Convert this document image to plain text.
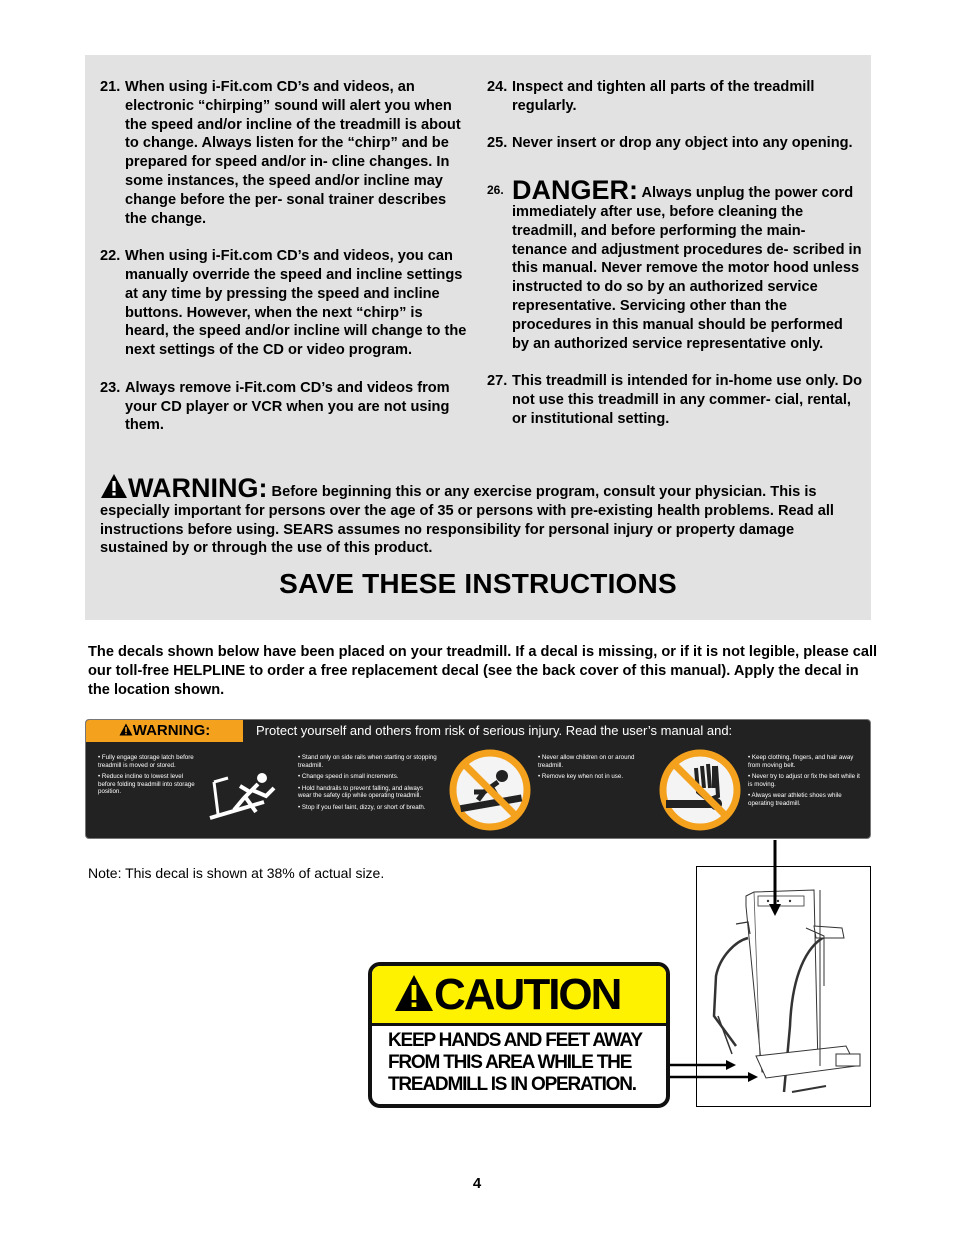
21. When using i-Fit.com CD’s and videos, an electronic “chirping” sound will alert you when the speed and/or incline of the treadmill is about to change. Always listen for the “chirp” and be prepared for speed and/or in- cline changes. In some instances, the speed and/or incline may change before the per- sonal trainer describes the change.
22. When using i-Fit.com CD’s and videos, you can manually override the speed and incline settings at any time by pressing the speed and incline buttons. However, when the next “chirp” is heard, the speed and/or incline will change to the next settings of the CD or video program.
23. Always remove i-Fit.com CD’s and videos from your CD player or VCR when you are not using them.
24. Inspect and tighten all parts of the treadmill regularly.
25. Never insert or drop any object into any opening.
26. DANGER: Always unplug the power cord immediately after use, before cleaning the treadmill, and before performing the main- tenance and adjustment procedures de- scribed in this manual. Never remove the motor hood unless instructed to do so by an authorized service representative. Servicing other than the procedures in this manual should be performed by an authorized service representative only.
27. This treadmill is intended for in-home use only. Do not use this treadmill in any commer- cial, rental, or institutional setting.
WARNING: Before beginning this or any exercise program, consult your physician. This is especially important for persons over the age of 35 or persons with pre-existing health problems. Read all instructions before using. SEARS assumes no responsibility for personal injury or property damage sustained by or through the use of this product.
SAVE THESE INSTRUCTIONS
The decals shown below have been placed on your treadmill. If a decal is missing, or if it is not legible, please call our toll-free HELPLINE to order a free replacement decal (see the back cover of this manual). Apply the decal in the location shown.
WARNING:	Protect yourself and others from risk of serious injury. Read the user’s manual and:
• Fully engage storage latch before treadmill is moved or stored.
• Reduce incline to lowest level before folding treadmill into storage position.
• Stand only on side rails when starting or stopping treadmill.
• Change speed in small increments.
• Hold handrails to prevent falling, and always wear the safety clip while operating treadmill.
• Stop if you feel faint, dizzy, or short of breath.
• Never allow children on or around treadmill.
• Remove key when not in use.
• Keep clothing, fingers, and hair away from moving belt.
• Never try to adjust or fix the belt while it is moving.
• Always wear athletic shoes while operating treadmill.
Note: This decal is shown at 38% of actual size.
CAUTION
KEEP HANDS AND FEET AWAY
FROM THIS AREA WHILE THE
TREADMILL IS IN OPERATION.
4
